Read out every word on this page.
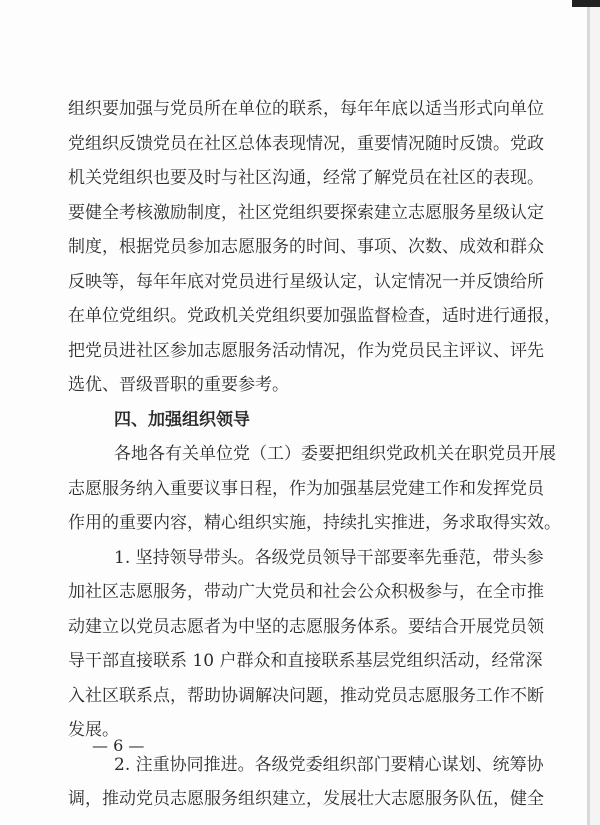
组织要加强与党员所在单位的联系，每年年底以适当形式向单位
党组织反馈党员在社区总体表现情况，重要情况随时反馈。党政
机关党组织也要及时与社区沟通，经常了解党员在社区的表现。
要健全考核激励制度，社区党组织要探索建立志愿服务星级认定
制度，根据党员参加志愿服务的时间、事项、次数、成效和群众
反映等，每年年底对党员进行星级认定，认定情况一并反馈给所
在单位党组织。党政机关党组织要加强监督检查，适时进行通报，
把党员进社区参加志愿服务活动情况，作为党员民主评议、评先
选优、晋级晋职的重要参考。
四、加强组织领导
各地各有关单位党（工）委要把组织党政机关在职党员开展
志愿服务纳入重要议事日程，作为加强基层党建工作和发挥党员
作用的重要内容，精心组织实施，持续扎实推进，务求取得实效。
1. 坚持领导带头。各级党员领导干部要率先垂范，带头参
加社区志愿服务，带动广大党员和社会公众积极参与，在全市推
动建立以党员志愿者为中坚的志愿服务体系。要结合开展党员领
导干部直接联系 10 户群众和直接联系基层党组织活动，经常深
入社区联系点，帮助协调解决问题，推动党员志愿服务工作不断
发展。
2. 注重协同推进。各级党委组织部门要精心谋划、统筹协
调，推动党员志愿服务组织建立，发展壮大志愿服务队伍，健全
— 6 —
